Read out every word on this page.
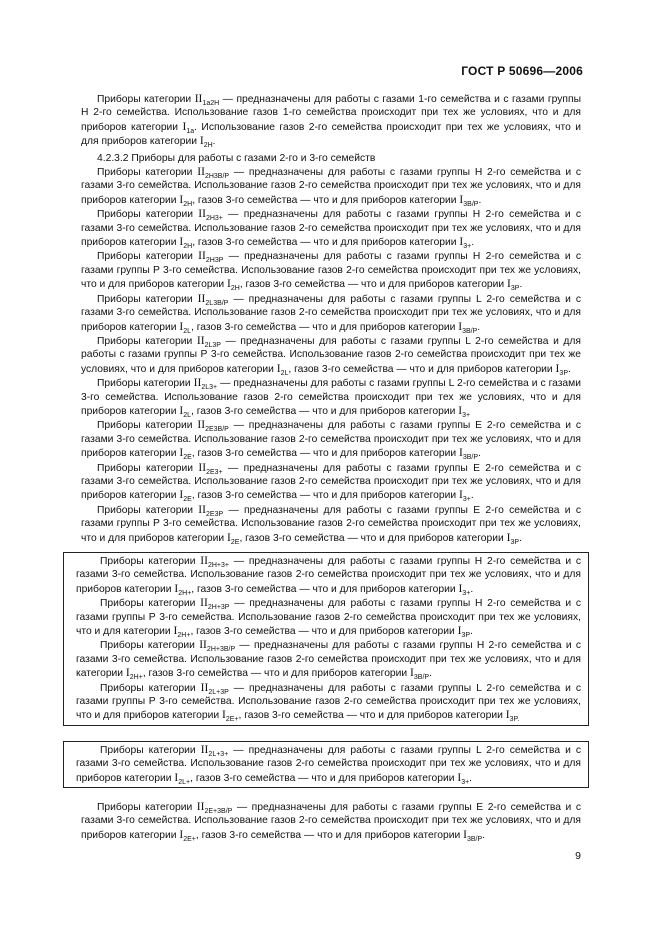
ГОСТ Р 50696—2006

Приборы категории $II_{1a2H}$ — предназначены для работы с газами 1-го семейства и с газами группы Н 2-го семейства. Использование газов 1-го семейства происходит при тех же условиях, что и для приборов категории $I_{1a}$. Использование газов 2-го семейства происходит при тех же условиях, что и для приборов категории $I_{2H}$.

4.2.3.2 Приборы для работы с газами 2-го и 3-го семейств

Приборы категории $II_{2H3B/P}$ — предназначены для работы с газами группы Н 2-го семейства и с газами 3-го семейства. Использование газов 2-го семейства происходит при тех же условиях, что и для приборов категории $I_{2H}$, газов 3-го семейства — что и для приборов категории $I_{3B/P}$.

Приборы категории $II_{2H3+}$ — предназначены для работы с газами группы Н 2-го семейства и с газами 3-го семейства. Использование газов 2-го семейства происходит при тех же условиях, что и для приборов категории $I_{2H}$, газов 3-го семейства — что и для приборов категории $I_{3+}$.

Приборы категории $II_{2H3P}$ — предназначены для работы с газами группы Н 2-го семейства и с газами группы Р 3-го семейства. Использование газов 2-го семейства происходит при тех же условиях, что и для приборов категории $I_{2H}$, газов 3-го семейства — что и для приборов категории $I_{3P}$.

Приборы категории $II_{2L3B/P}$ — предназначены для работы с газами группы L 2-го семейства и с газами 3-го семейства. Использование газов 2-го семейства происходит при тех же условиях, что и для приборов категории $I_{2L}$, газов 3-го семейства — что и для приборов категории $I_{3B/P}$.

Приборы категории $II_{2L3P}$ — предназначены для работы с газами группы L 2-го семейства и для работы с газами группы Р 3-го семейства. Использование газов 2-го семейства происходит при тех же условиях, что и для приборов категории $I_{2L}$, газов 3-го семейства — что и для приборов категории $I_{3P}$.

Приборы категории $II_{2L3+}$ — предназначены для работы с газами группы L 2-го семейства и с газами 3-го семейства. Использование газов 2-го семейства происходит при тех же условиях, что и для приборов категории $I_{2L}$, газов 3-го семейства — что и для приборов категории $I_{3+}$

Приборы категории $II_{2E3B/P}$ — предназначены для работы с газами группы Е 2-го семейства и с газами 3-го семейства. Использование газов 2-го семейства происходит при тех же условиях, что и для приборов категории $I_{2E}$, газов 3-го семейства — что и для приборов категории $I_{3B/P}$.

Приборы категории $II_{2E3+}$ — предназначены для работы с газами группы Е 2-го семейства и с газами 3-го семейства. Использование газов 2-го семейства происходит при тех же условиях, что и для приборов категории $I_{2E}$, газов 3-го семейства — что и для приборов категории $I_{3+}$.

Приборы категории $II_{2E3P}$ — предназначены для работы с газами группы Е 2-го семейства и с газами группы Р 3-го семейства. Использование газов 2-го семейства происходит при тех же условиях, что и для приборов категории $I_{2E}$, газов 3-го семейства — что и для приборов категории $I_{3P}$.

Приборы категории $II_{2H+3+}$ — предназначены для работы с газами группы Н 2-го семейства и с газами 3-го семейства. Использование газов 2-го семейства происходит при тех же условиях, что и для приборов категории $I_{2H+}$, газов 3-го семейства — что и для приборов категории $I_{3+}$.

Приборы категории $II_{2H+3P}$ — предназначены для работы с газами группы Н 2-го семейства и с газами группы Р 3-го семейства. Использование газов 2-го семейства происходит при тех же условиях, что и для категории $I_{2H+}$, газов 3-го семейства — что и для приборов категории $I_{3P}$.

Приборы категории $II_{2H+3B/P}$ — предназначены для работы с газами группы Н 2-го семейства и с газами 3-го семейства. Использование газов 2-го семейства происходит при тех же условиях, что и для категории $I_{2H+}$, газов 3-го семейства — что и для приборов категории $I_{3B/P}$.

Приборы категории $II_{2L+3P}$ — предназначены для работы с газами группы L 2-го семейства и с газами группы Р 3-го семейства. Использование газов 2-го семейства происходит при тех же условиях, что и для приборов категории $I_{2E+}$, газов 3-го семейства — что и для приборов категории $I_{3P.}$

Приборы категории $II_{2L+3+}$ — предназначены для работы с газами группы L 2-го семейства и с газами 3-го семейства. Использование газов 2-го семейства происходит при тех же условиях, что и для приборов категории $I_{2L+}$, газов 3-го семейства — что и для приборов категории $I_{3+}$.

Приборы категории $II_{2E+3B/P}$ — предназначены для работы с газами группы Е 2-го семейства и с газами 3-го семейства. Использование газов 2-го семейства происходит при тех же условиях, что и для приборов категории $I_{2E+}$, газов 3-го семейства — что и для приборов категории $I_{3B/P}$.

9
